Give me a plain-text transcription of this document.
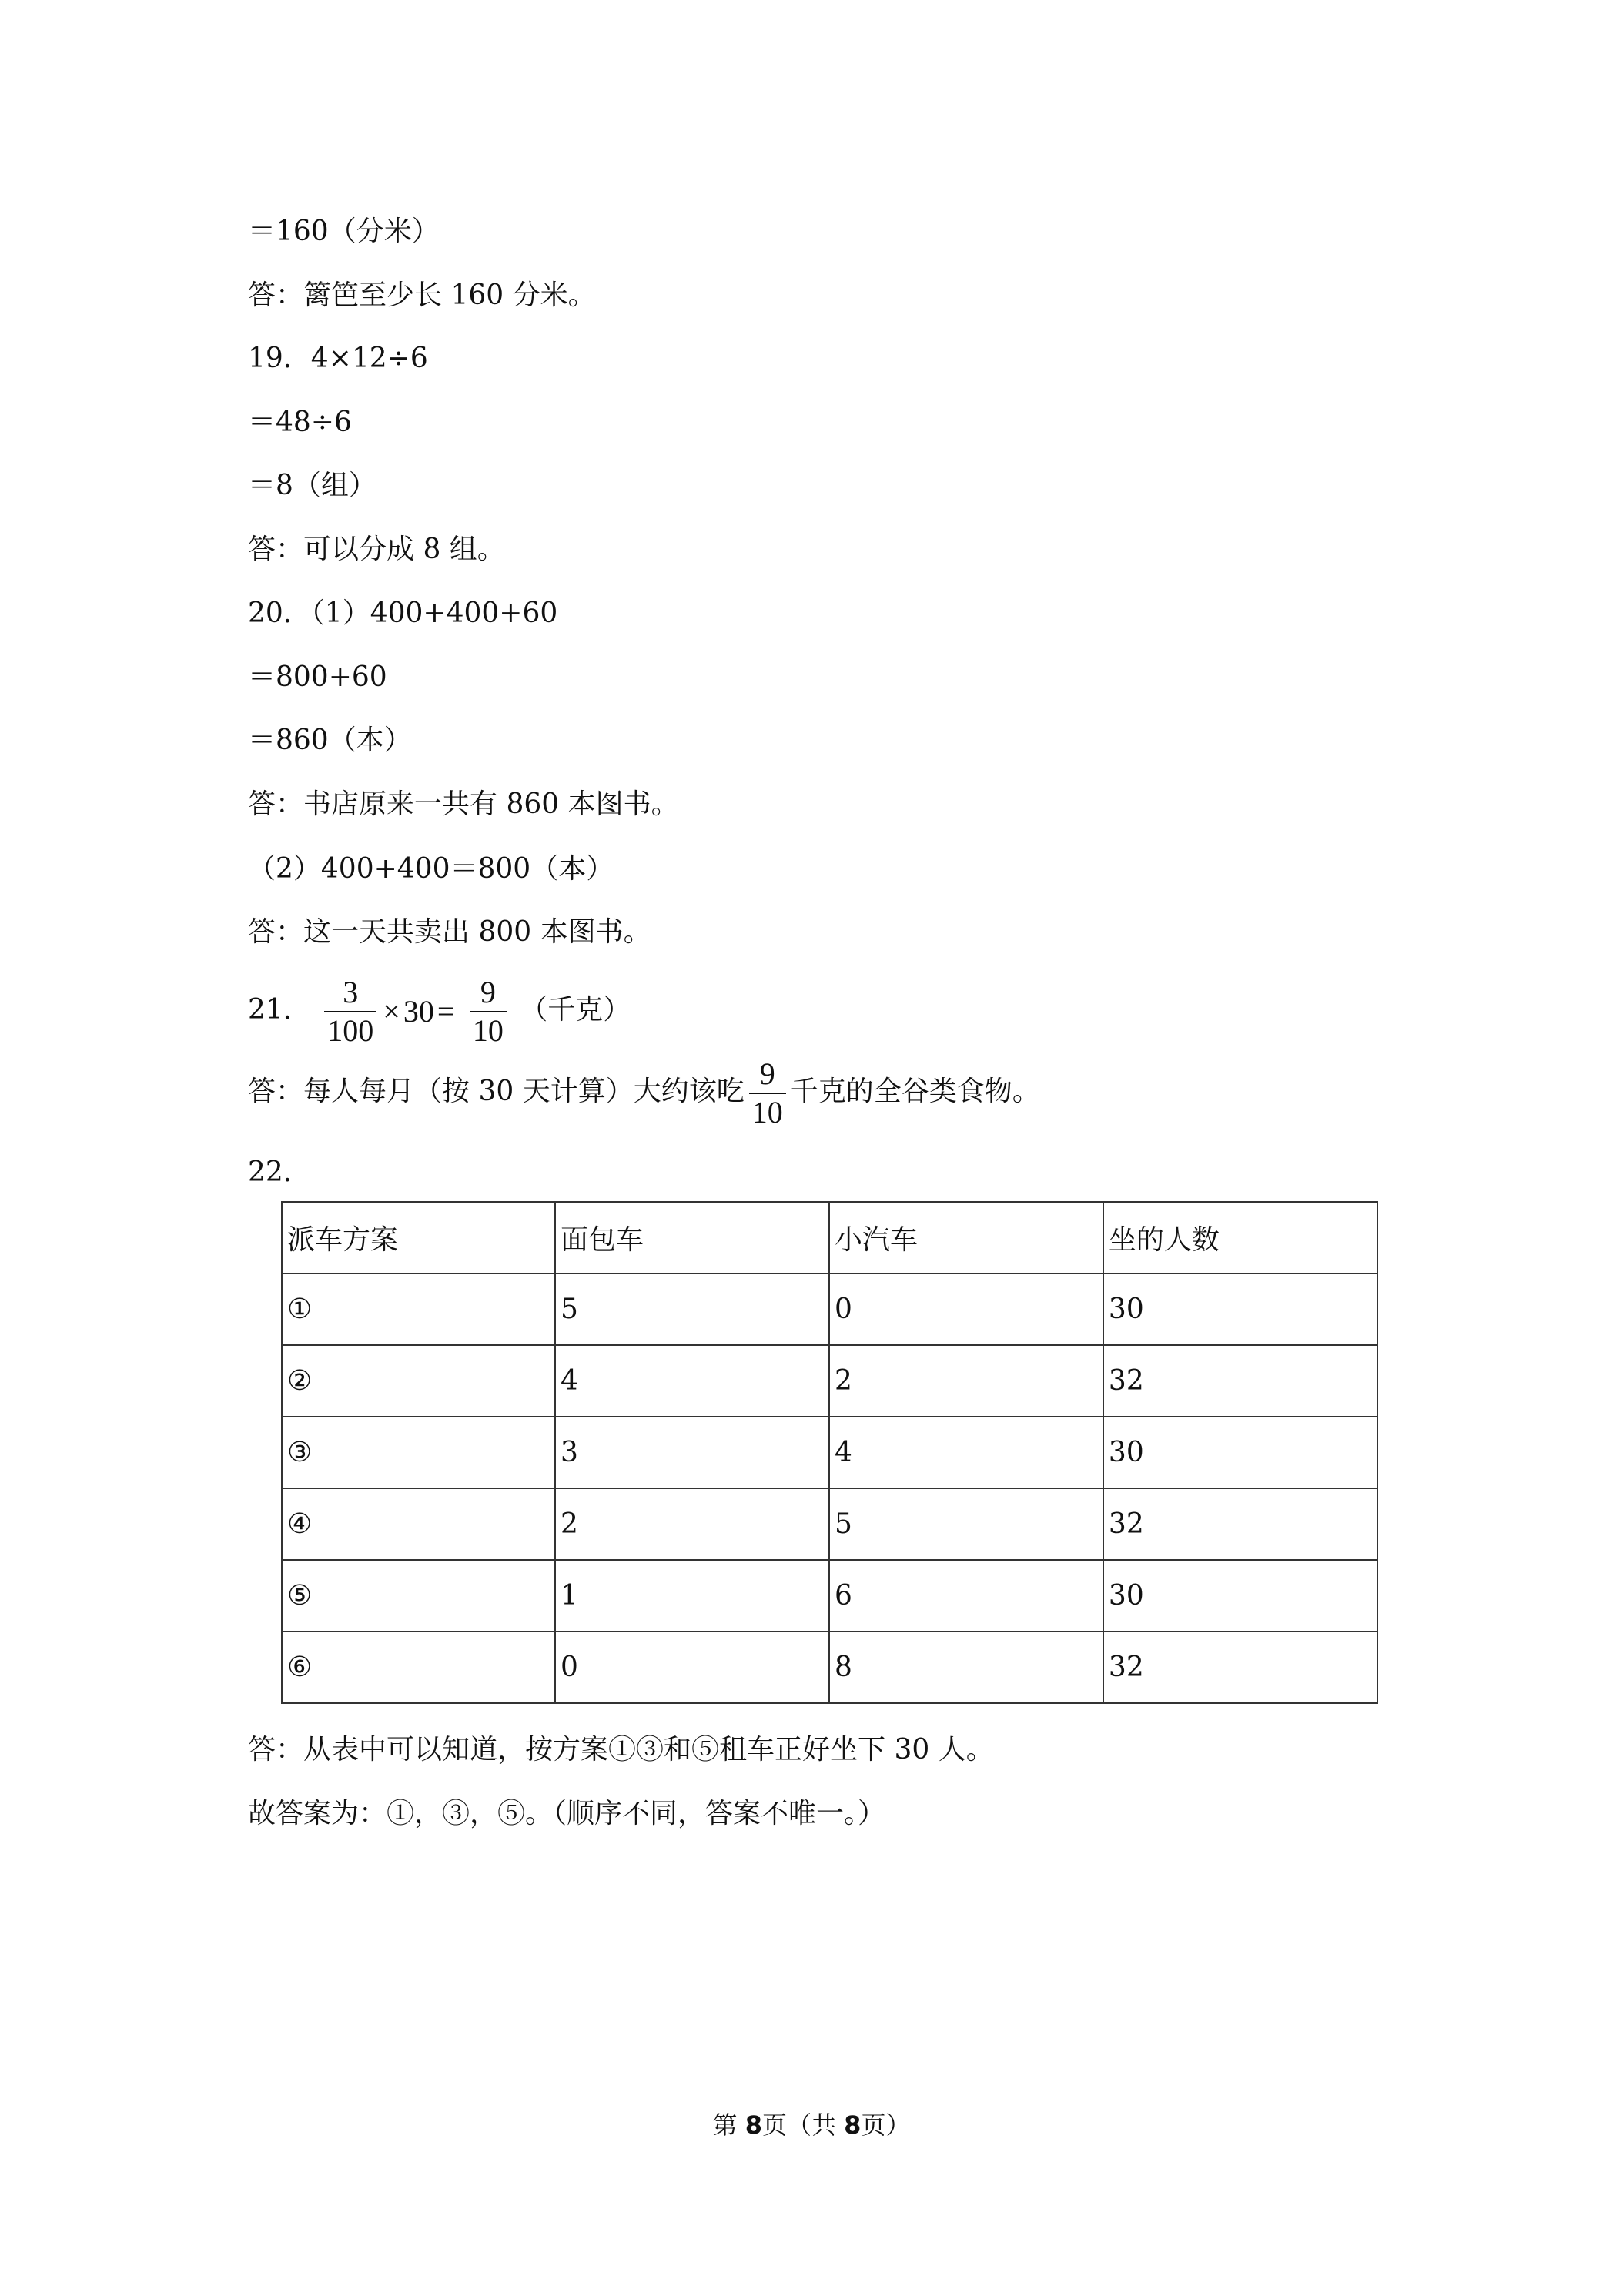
＝160（分米）
答：篱笆至少长 160 分米。
19．4×12÷6
＝48÷6
＝8（组）
答：可以分成 8 组。
20．（1）400+400+60
＝800+60
＝860（本）
答：书店原来一共有 860 本图书。
（2）400+400＝800（本）
答：这一天共卖出 800 本图书。
21． $\frac{3}{100} \times 30 = \frac{9}{10}$ （千克）
答：每人每月（按 30 天计算）大约该吃 $\frac{9}{10}$ 千克的全谷类食物。
22．
派车方案	面包车	小汽车	坐的人数
①	5	0	30
②	4	2	32
③	3	4	30
④	2	5	32
⑤	1	6	30
⑥	0	8	32
答：从表中可以知道，按方案①③和⑤租车正好坐下 30 人。
故答案为：①，③，⑤。（顺序不同，答案不唯一。）
第 8页（共 8页）
